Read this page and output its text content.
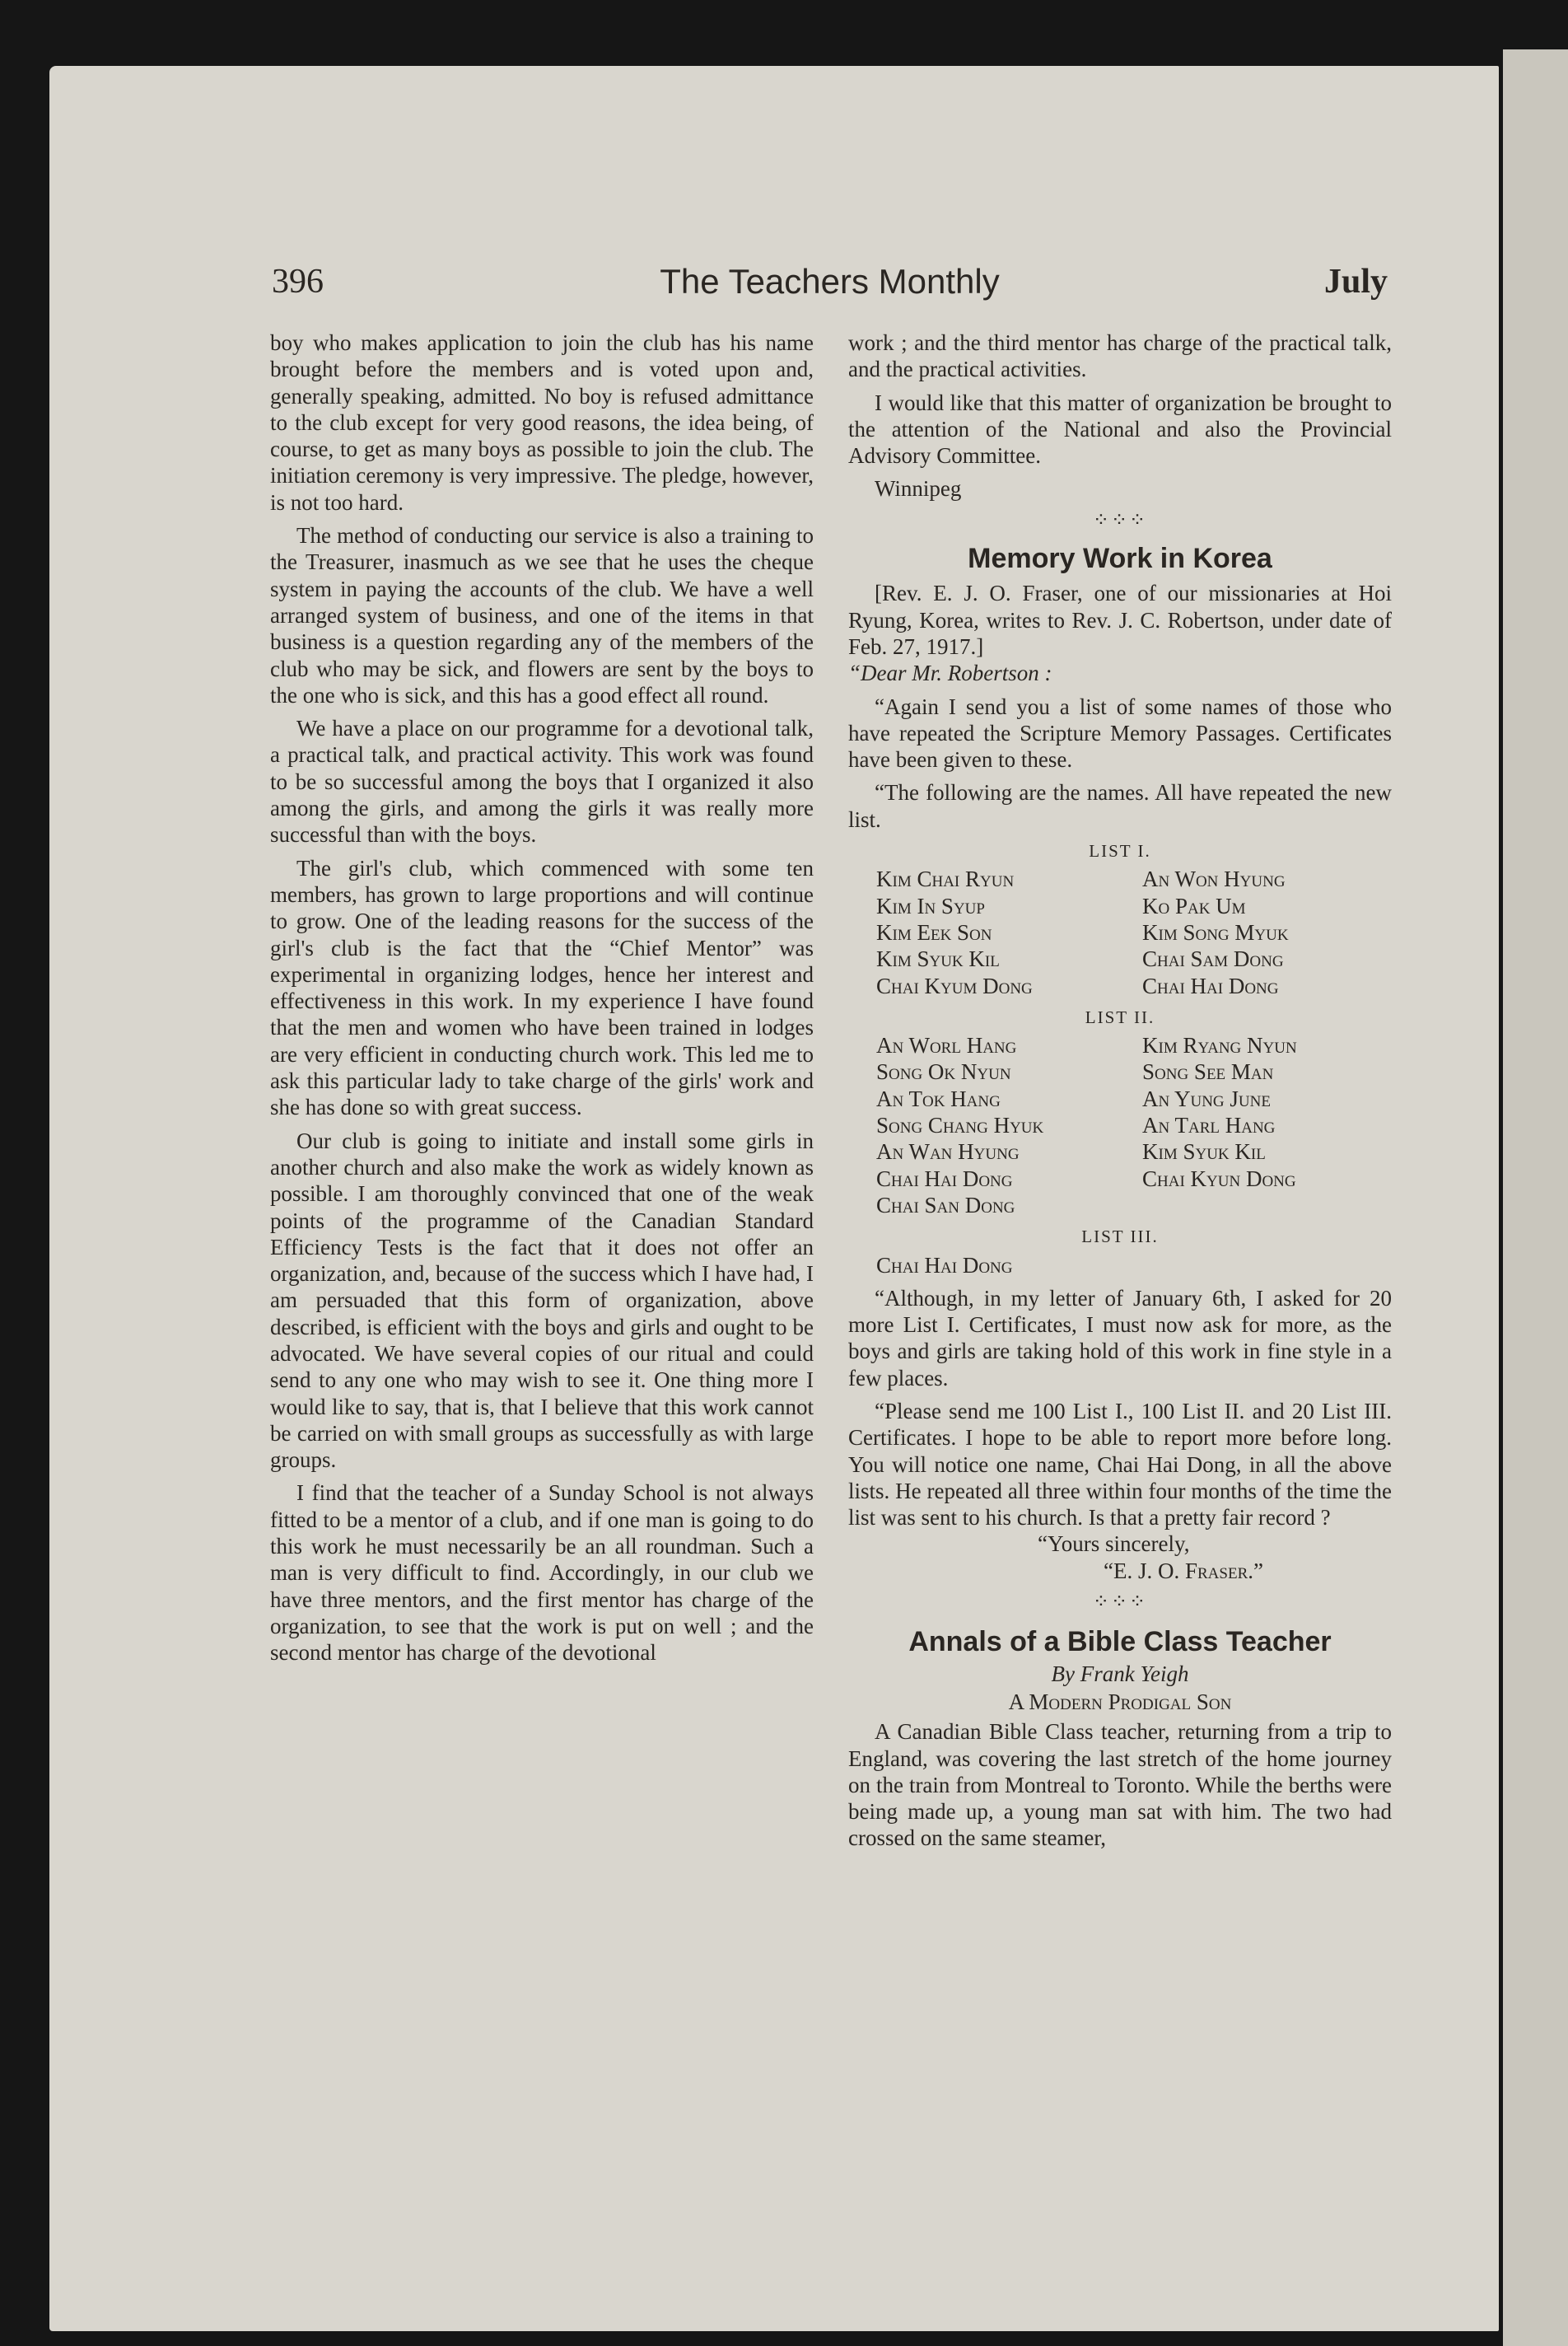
396	The Teachers Monthly	July

boy who makes application to join the club has his name brought before the members and is voted upon and, generally speaking, admitted. No boy is refused admittance to the club except for very good reasons, the idea being, of course, to get as many boys as possible to join the club. The initiation ceremony is very impressive. The pledge, however, is not too hard.

The method of conducting our service is also a training to the Treasurer, inasmuch as we see that he uses the cheque system in paying the accounts of the club. We have a well arranged system of business, and one of the items in that business is a question regarding any of the members of the club who may be sick, and flowers are sent by the boys to the one who is sick, and this has a good effect all round.

We have a place on our programme for a devotional talk, a practical talk, and practical activity. This work was found to be so successful among the boys that I organized it also among the girls, and among the girls it was really more successful than with the boys.

The girl's club, which commenced with some ten members, has grown to large proportions and will continue to grow. One of the leading reasons for the success of the girl's club is the fact that the “Chief Mentor” was experimental in organizing lodges, hence her interest and effectiveness in this work. In my experience I have found that the men and women who have been trained in lodges are very efficient in conducting church work. This led me to ask this particular lady to take charge of the girls' work and she has done so with great success.

Our club is going to initiate and install some girls in another church and also make the work as widely known as possible. I am thoroughly convinced that one of the weak points of the programme of the Canadian Standard Efficiency Tests is the fact that it does not offer an organization, and, because of the success which I have had, I am persuaded that this form of organization, above described, is efficient with the boys and girls and ought to be advocated. We have several copies of our ritual and could send to any one who may wish to see it. One thing more I would like to say, that is, that I believe that this work cannot be carried on with small groups as successfully as with large groups.

I find that the teacher of a Sunday School is not always fitted to be a mentor of a club, and if one man is going to do this work he must necessarily be an all roundman. Such a man is very difficult to find. Accordingly, in our club we have three mentors, and the first mentor has charge of the organization, to see that the work is put on well ; and the second mentor has charge of the devotional

work ; and the third mentor has charge of the practical talk, and the practical activities.

I would like that this matter of organization be brought to the attention of the National and also the Provincial Advisory Committee.

Winnipeg

⁘⁘⁘
Memory Work in Korea

[Rev. E. J. O. Fraser, one of our missionaries at Hoi Ryung, Korea, writes to Rev. J. C. Robertson, under date of Feb. 27, 1917.]

“Dear Mr. Robertson :

“Again I send you a list of some names of those who have repeated the Scripture Memory Passages. Certificates have been given to these.

“The following are the names. All have repeated the new list.

LIST I.
Kim Chai Ryun	An Won Hyung
Kim In Syup	Ko Pak Um
Kim Eek Son	Kim Song Myuk
Kim Syuk Kil	Chai Sam Dong
Chai Kyum Dong	Chai Hai Dong
LIST II.
An Worl Hang	Kim Ryang Nyun
Song Ok Nyun	Song See Man
An Tok Hang	An Yung June
Song Chang Hyuk	An Tarl Hang
An Wan Hyung	Kim Syuk Kil
Chai Hai Dong	Chai Kyun Dong
Chai San Dong
LIST III.
Chai Hai Dong

“Although, in my letter of January 6th, I asked for 20 more List I. Certificates, I must now ask for more, as the boys and girls are taking hold of this work in fine style in a few places.

“Please send me 100 List I., 100 List II. and 20 List III. Certificates. I hope to be able to report more before long. You will notice one name, Chai Hai Dong, in all the above lists. He repeated all three within four months of the time the list was sent to his church. Is that a pretty fair record ?

“Yours sincerely,
“E. J. O. Fraser.”
⁘⁘⁘
Annals of a Bible Class Teacher
By Frank Yeigh
A Modern Prodigal Son

A Canadian Bible Class teacher, returning from a trip to England, was covering the last stretch of the home journey on the train from Montreal to Toronto. While the berths were being made up, a young man sat with him. The two had crossed on the same steamer,
